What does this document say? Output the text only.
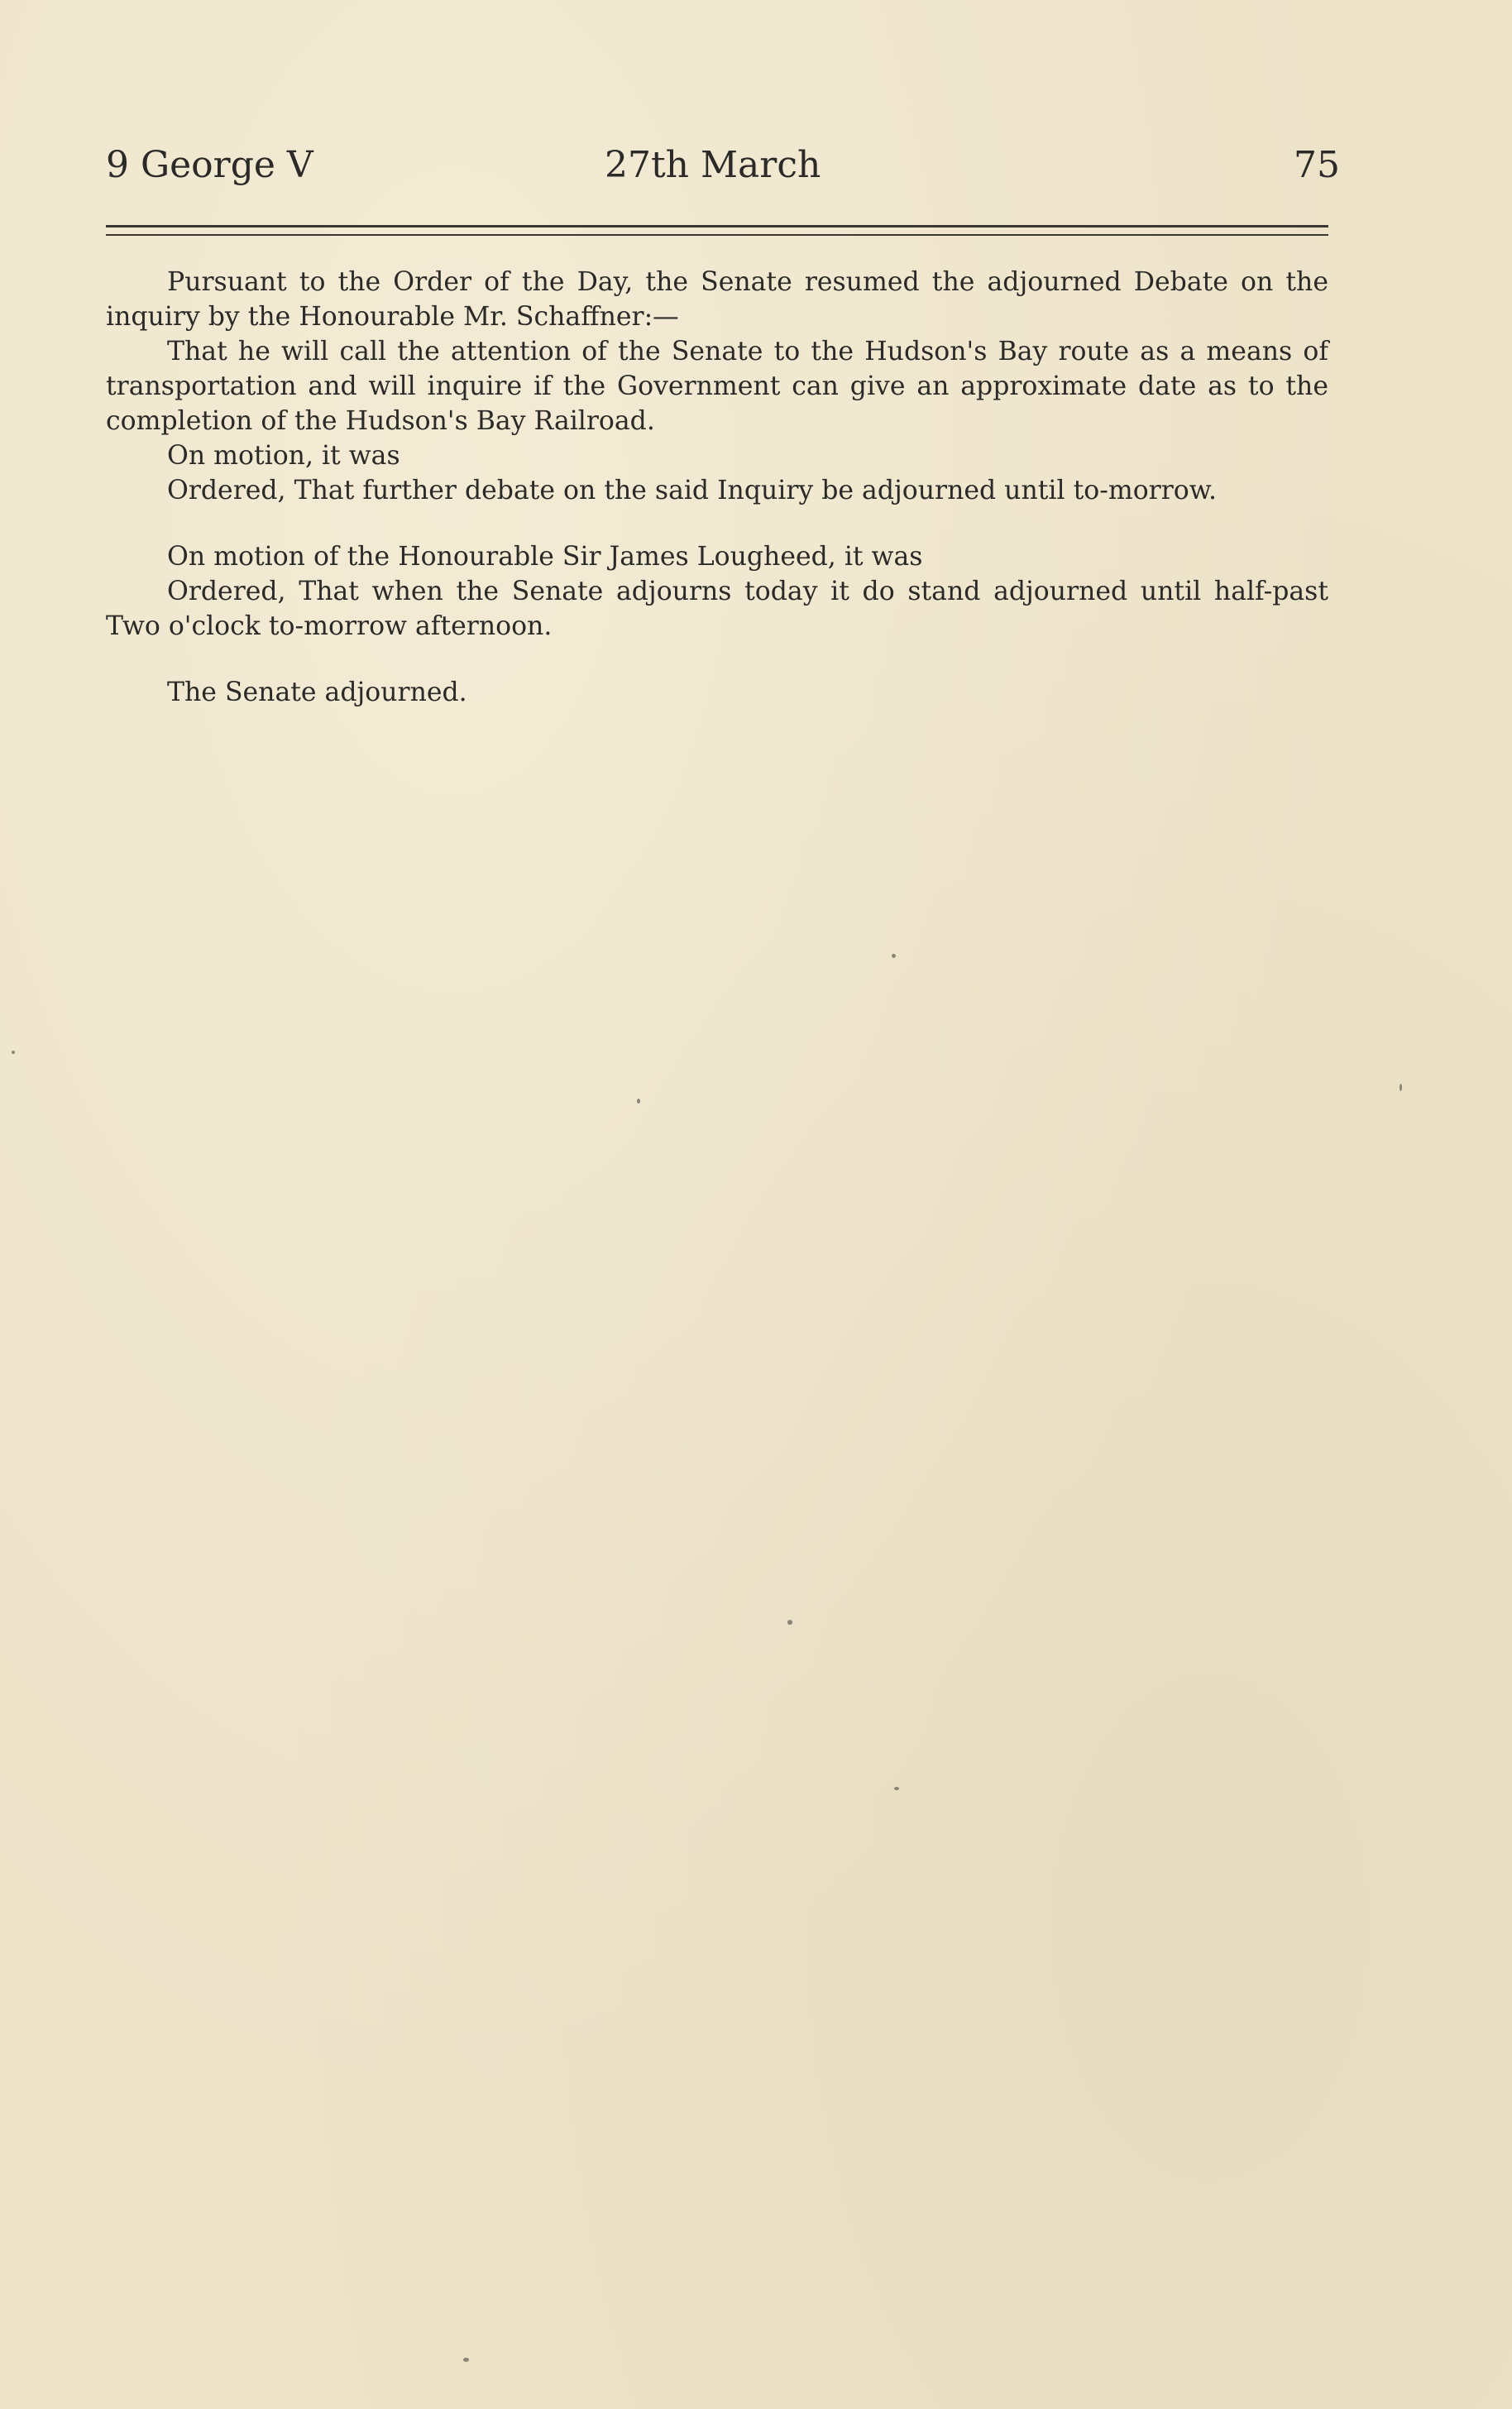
9 George V	27th March	75

Pursuant to the Order of the Day, the Senate resumed the adjourned Debate on the inquiry by the Honourable Mr. Schaffner:—

That he will call the attention of the Senate to the Hudson's Bay route as a means of transportation and will inquire if the Government can give an approximate date as to the completion of the Hudson's Bay Railroad.

On motion, it was

Ordered, That further debate on the said Inquiry be adjourned until to-morrow.

On motion of the Honourable Sir James Lougheed, it was

Ordered, That when the Senate adjourns today it do stand adjourned until half-past Two o'clock to-morrow afternoon.

The Senate adjourned.
